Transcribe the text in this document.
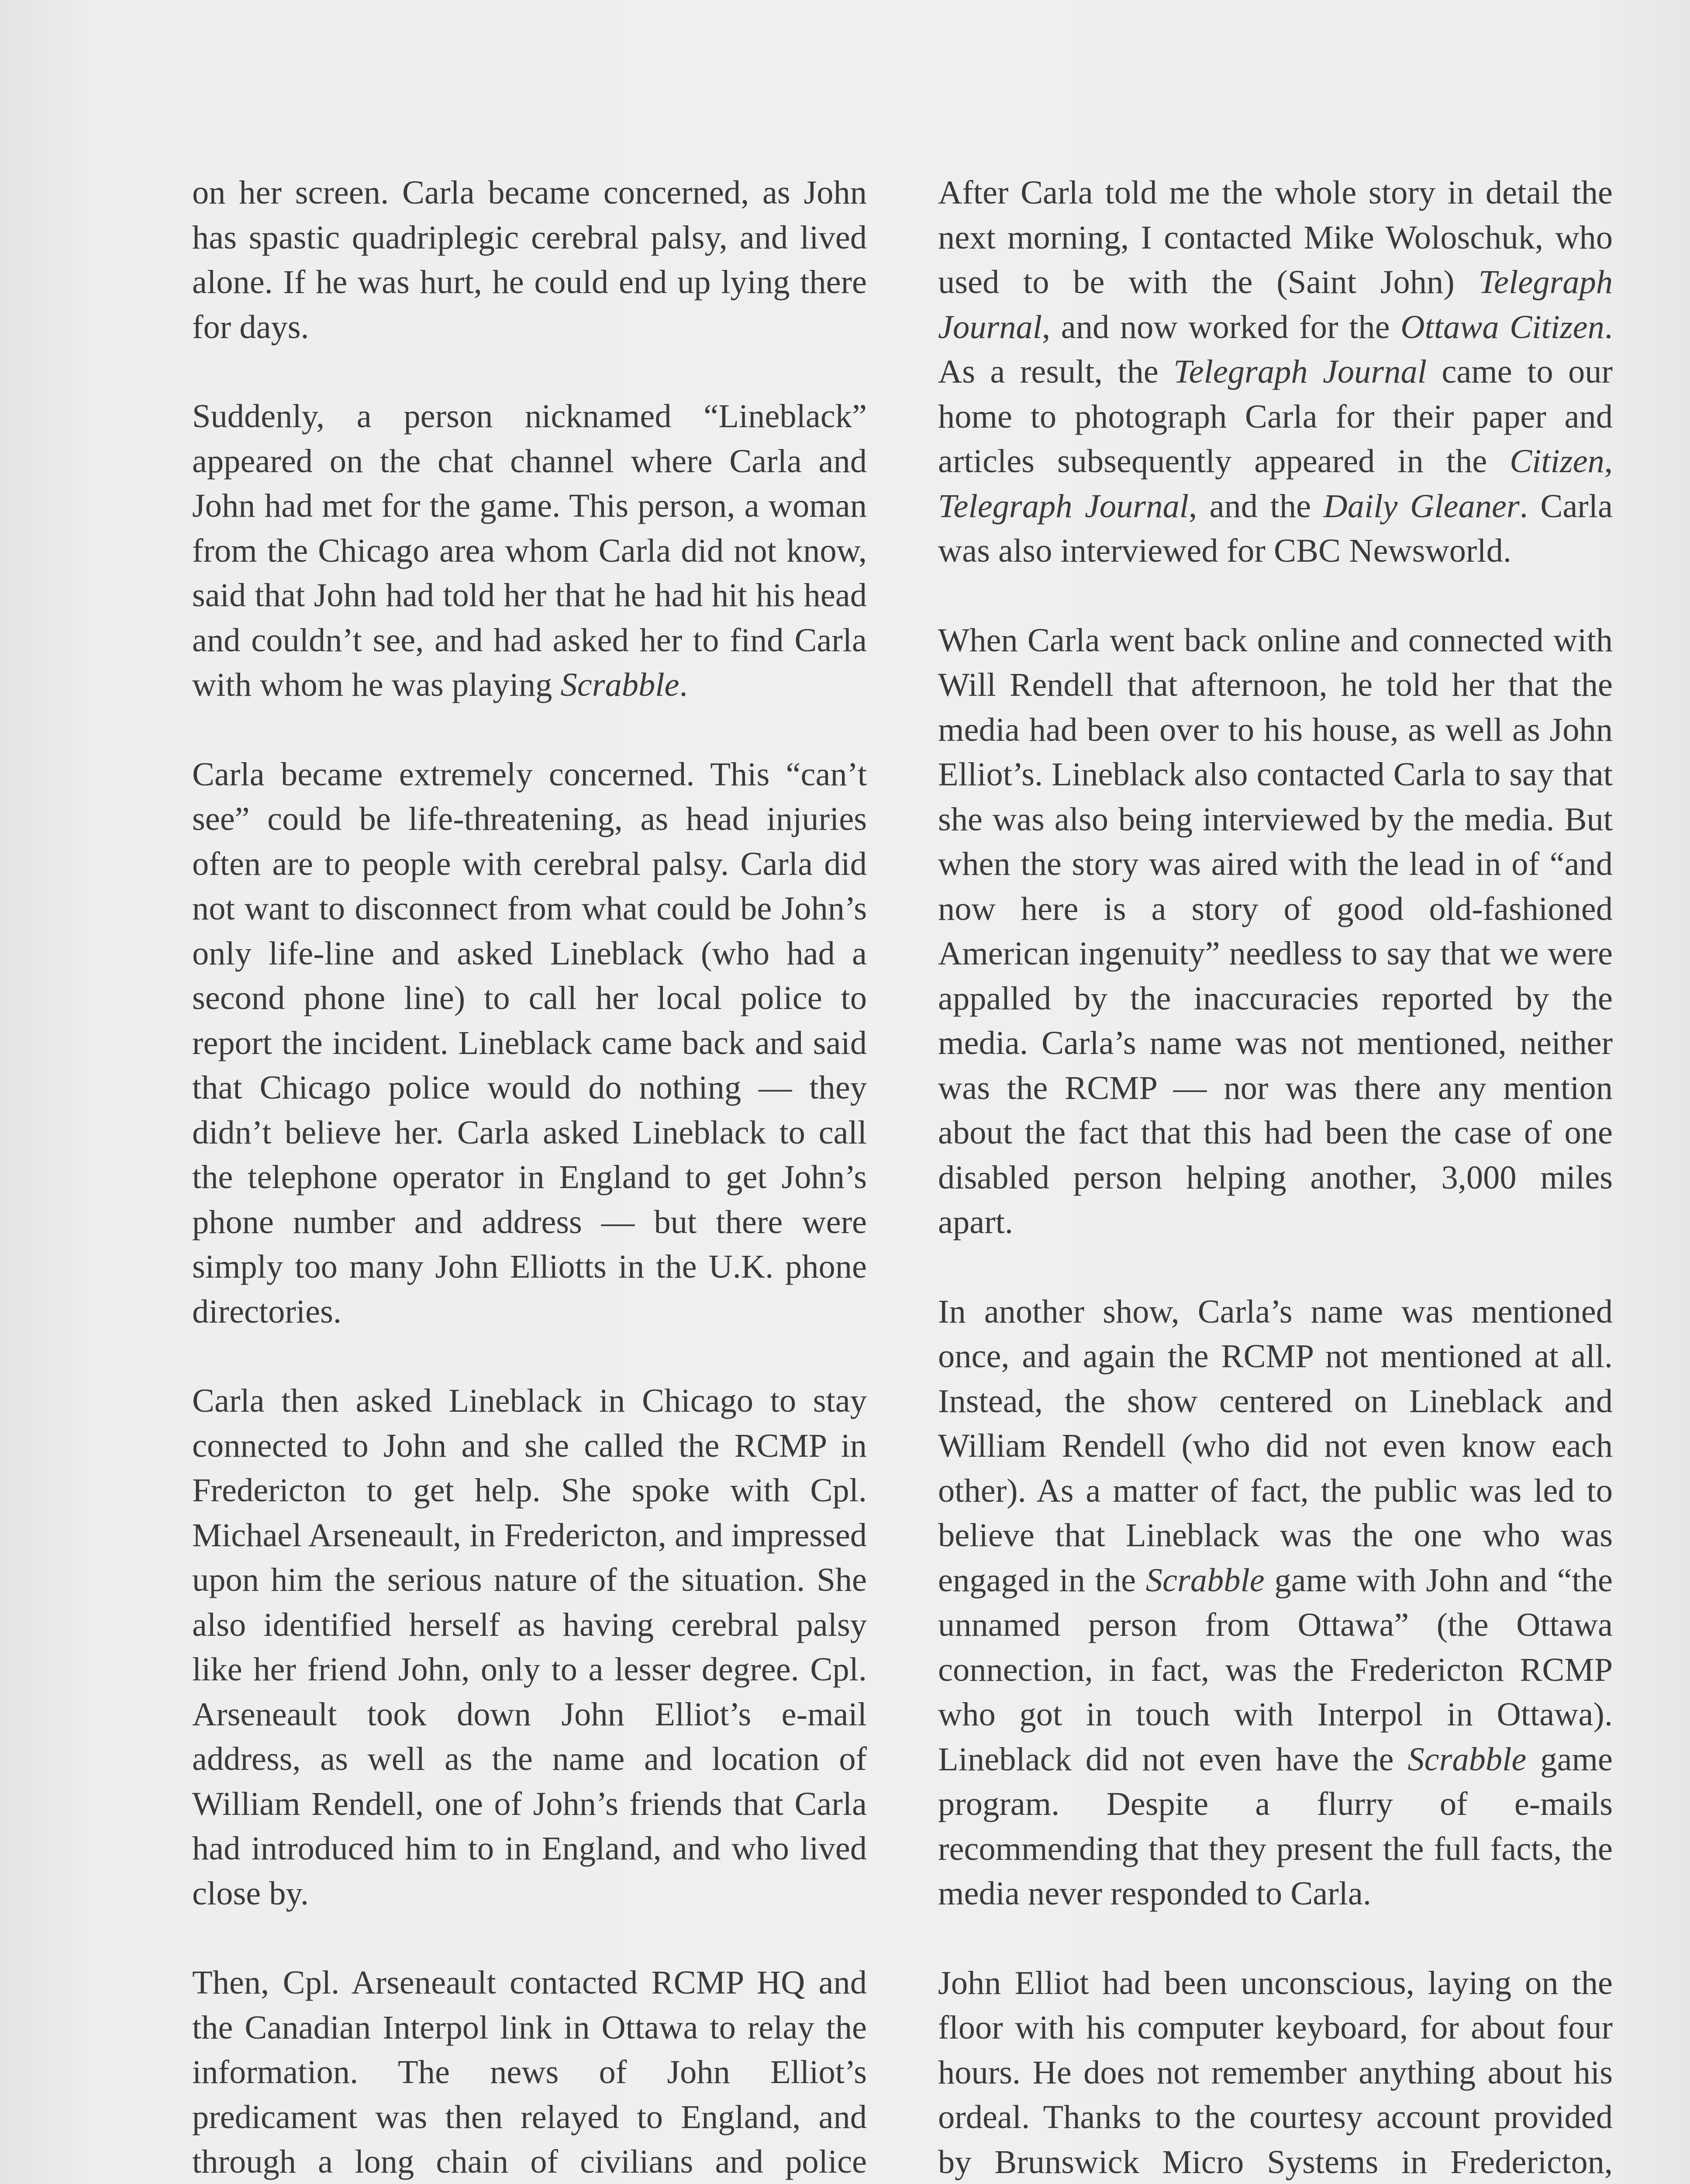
on her screen. Carla became concerned, as John has spastic quadriplegic cerebral palsy, and lived alone. If he was hurt, he could end up lying there for days.

Suddenly, a person nicknamed “Lineblack” appeared on the chat channel where Carla and John had met for the game. This person, a woman from the Chicago area whom Carla did not know, said that John had told her that he had hit his head and couldn’t see, and had asked her to find Carla with whom he was playing Scrabble.

Carla became extremely concerned. This “can’t see” could be life-threatening, as head injuries often are to people with cerebral palsy. Carla did not want to disconnect from what could be John’s only life-line and asked Lineblack (who had a second phone line) to call her local police to report the incident. Lineblack came back and said that Chicago police would do nothing — they didn’t believe her. Carla asked Lineblack to call the telephone operator in England to get John’s phone number and address — but there were simply too many John Elliotts in the U.K. phone directories.

Carla then asked Lineblack in Chicago to stay connected to John and she called the RCMP in Fredericton to get help. She spoke with Cpl. Michael Arseneault, in Fredericton, and impressed upon him the serious nature of the situation. She also identified herself as having cerebral palsy like her friend John, only to a lesser degree. Cpl. Arseneault took down John Elliot’s e-mail address, as well as the name and location of William Rendell, one of John’s friends that Carla had introduced him to in England, and who lived close by.

Then, Cpl. Arseneault contacted RCMP HQ and the Canadian Interpol link in Ottawa to relay the information. The news of John Elliot’s predicament was then relayed to England, and through a long chain of civilians and police

After Carla told me the whole story in detail the next morning, I contacted Mike Woloschuk, who used to be with the (Saint John) Telegraph Journal, and now worked for the Ottawa Citizen. As a result, the Telegraph Journal came to our home to photograph Carla for their paper and articles subsequently appeared in the Citizen, Telegraph Journal, and the Daily Gleaner. Carla was also interviewed for CBC Newsworld.

When Carla went back online and connected with Will Rendell that afternoon, he told her that the media had been over to his house, as well as John Elliot’s. Lineblack also contacted Carla to say that she was also being interviewed by the media. But when the story was aired with the lead in of “and now here is a story of good old-fashioned American ingenuity” needless to say that we were appalled by the inaccuracies reported by the media. Carla’s name was not mentioned, neither was the RCMP — nor was there any mention about the fact that this had been the case of one disabled person helping another, 3,000 miles apart.

In another show, Carla’s name was mentioned once, and again the RCMP not mentioned at all. Instead, the show centered on Lineblack and William Rendell (who did not even know each other). As a matter of fact, the public was led to believe that Lineblack was the one who was engaged in the Scrabble game with John and “the unnamed person from Ottawa” (the Ottawa connection, in fact, was the Fredericton RCMP who got in touch with Interpol in Ottawa). Lineblack did not even have the Scrabble game program. Despite a flurry of e-mails recommending that they present the full facts, the media never responded to Carla.

John Elliot had been unconscious, laying on the floor with his computer keyboard, for about four hours. He does not remember anything about his ordeal. Thanks to the courtesy account provided by Brunswick Micro Systems in Fredericton,
